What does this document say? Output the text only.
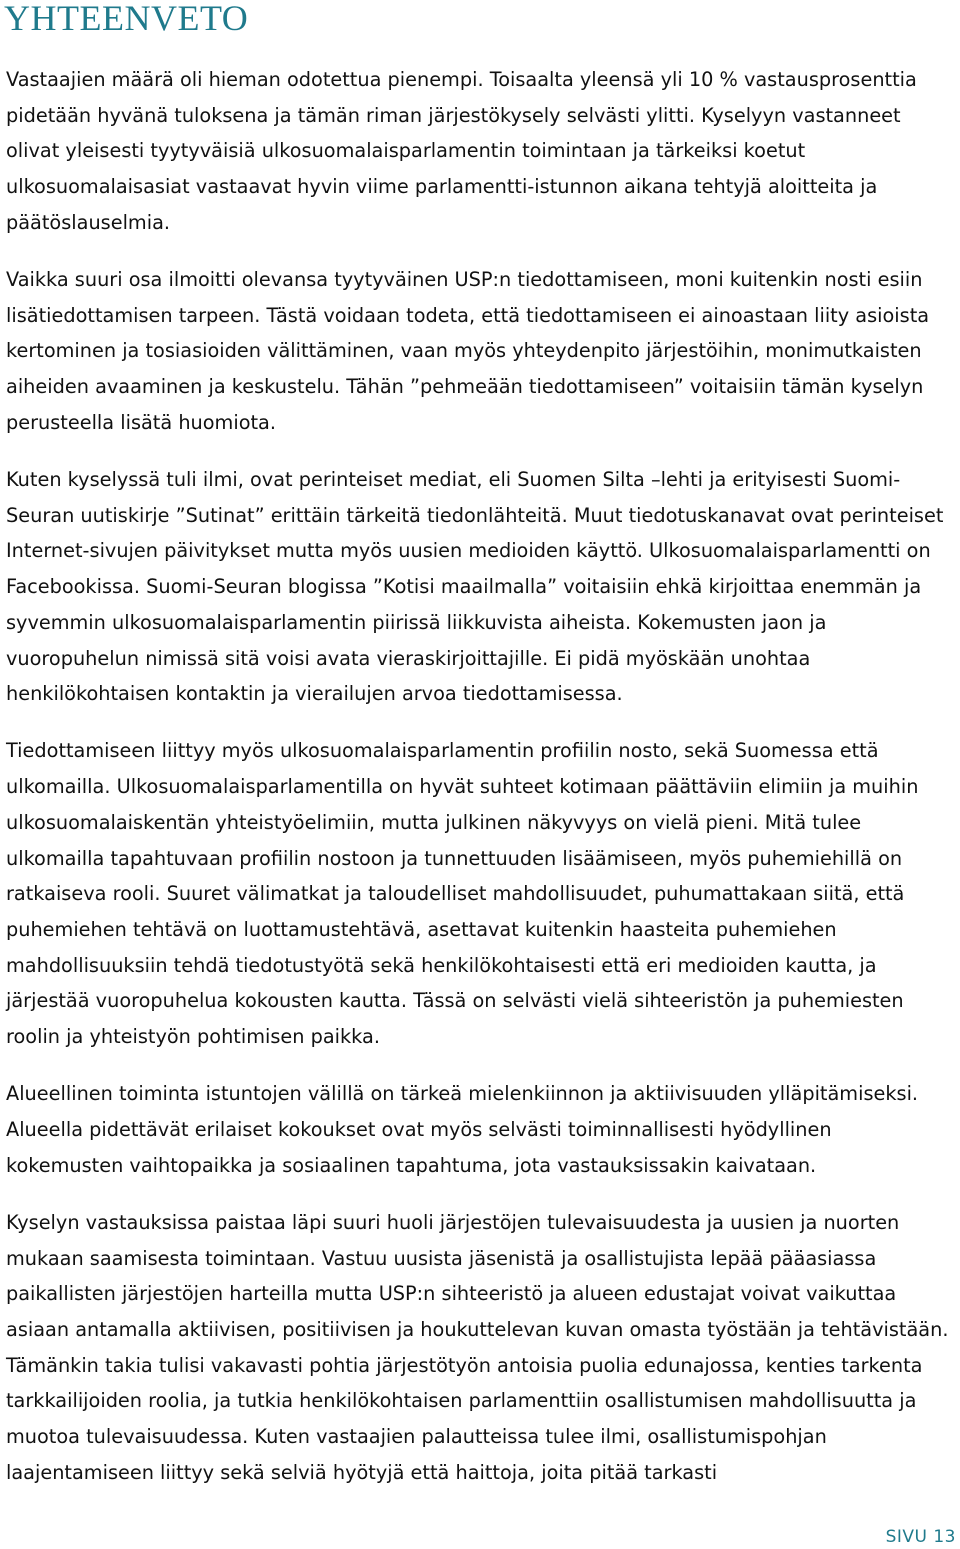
YHTEENVETO

Vastaajien määrä oli hieman odotettua pienempi. Toisaalta yleensä yli 10 % vastausprosenttia pidetään hyvänä tuloksena ja tämän riman järjestökysely selvästi ylitti. Kyselyyn vastanneet olivat yleisesti tyytyväisiä ulkosuomalaisparlamentin toimintaan ja tärkeiksi koetut ulkosuomalaisasiat vastaavat hyvin viime parlamentti-istunnon aikana tehtyjä aloitteita ja päätöslauselmia.

Vaikka suuri osa ilmoitti olevansa tyytyväinen USP:n tiedottamiseen, moni kuitenkin nosti esiin lisätiedottamisen tarpeen. Tästä voidaan todeta, että tiedottamiseen ei ainoastaan liity asioista kertominen ja tosiasioiden välittäminen, vaan myös yhteydenpito järjestöihin, monimutkaisten aiheiden avaaminen ja keskustelu. Tähän ”pehmeään tiedottamiseen” voitaisiin tämän kyselyn perusteella lisätä huomiota.

Kuten kyselyssä tuli ilmi, ovat perinteiset mediat, eli Suomen Silta –lehti ja erityisesti Suomi-Seuran uutiskirje ”Sutinat” erittäin tärkeitä tiedonlähteitä. Muut tiedotuskanavat ovat perinteiset Internet-sivujen päivitykset mutta myös uusien medioiden käyttö. Ulkosuomalaisparlamentti on Facebookissa. Suomi-Seuran blogissa ”Kotisi maailmalla” voitaisiin ehkä kirjoittaa enemmän ja syvemmin ulkosuomalaisparlamentin piirissä liikkuvista aiheista. Kokemusten jaon ja vuoropuhelun nimissä sitä voisi avata vieraskirjoittajille. Ei pidä myöskään unohtaa henkilökohtaisen kontaktin ja vierailujen arvoa tiedottamisessa.

Tiedottamiseen liittyy myös ulkosuomalaisparlamentin profiilin nosto, sekä Suomessa että ulkomailla. Ulkosuomalaisparlamentilla on hyvät suhteet kotimaan päättäviin elimiin ja muihin ulkosuomalaiskentän yhteistyöelimiin, mutta julkinen näkyvyys on vielä pieni. Mitä tulee ulkomailla tapahtuvaan profiilin nostoon ja tunnettuuden lisäämiseen, myös puhemiehillä on ratkaiseva rooli. Suuret välimatkat ja taloudelliset mahdollisuudet, puhumattakaan siitä, että puhemiehen tehtävä on luottamustehtävä, asettavat kuitenkin haasteita puhemiehen mahdollisuuksiin tehdä tiedotustyötä sekä henkilökohtaisesti että eri medioiden kautta, ja järjestää vuoropuhelua kokousten kautta. Tässä on selvästi vielä sihteeristön ja puhemiesten roolin ja yhteistyön pohtimisen paikka.

Alueellinen toiminta istuntojen välillä on tärkeä mielenkiinnon ja aktiivisuuden ylläpitämiseksi. Alueella pidettävät erilaiset kokoukset ovat myös selvästi toiminnallisesti hyödyllinen kokemusten vaihtopaikka ja sosiaalinen tapahtuma, jota vastauksissakin kaivataan.

Kyselyn vastauksissa paistaa läpi suuri huoli järjestöjen tulevaisuudesta ja uusien ja nuorten mukaan saamisesta toimintaan. Vastuu uusista jäsenistä ja osallistujista lepää pääasiassa paikallisten järjestöjen harteilla mutta USP:n sihteeristö ja alueen edustajat voivat vaikuttaa asiaan antamalla aktiivisen, positiivisen ja houkuttelevan kuvan omasta työstään ja tehtävistään. Tämänkin takia tulisi vakavasti pohtia järjestötyön antoisia puolia edunajossa, kenties tarkenta tarkkailijoiden roolia, ja tutkia henkilökohtaisen parlamenttiin osallistumisen mahdollisuutta ja muotoa tulevaisuudessa. Kuten vastaajien palautteissa tulee ilmi, osallistumispohjan laajentamiseen liittyy sekä selviä hyötyjä että haittoja, joita pitää tarkasti

SIVU 13
